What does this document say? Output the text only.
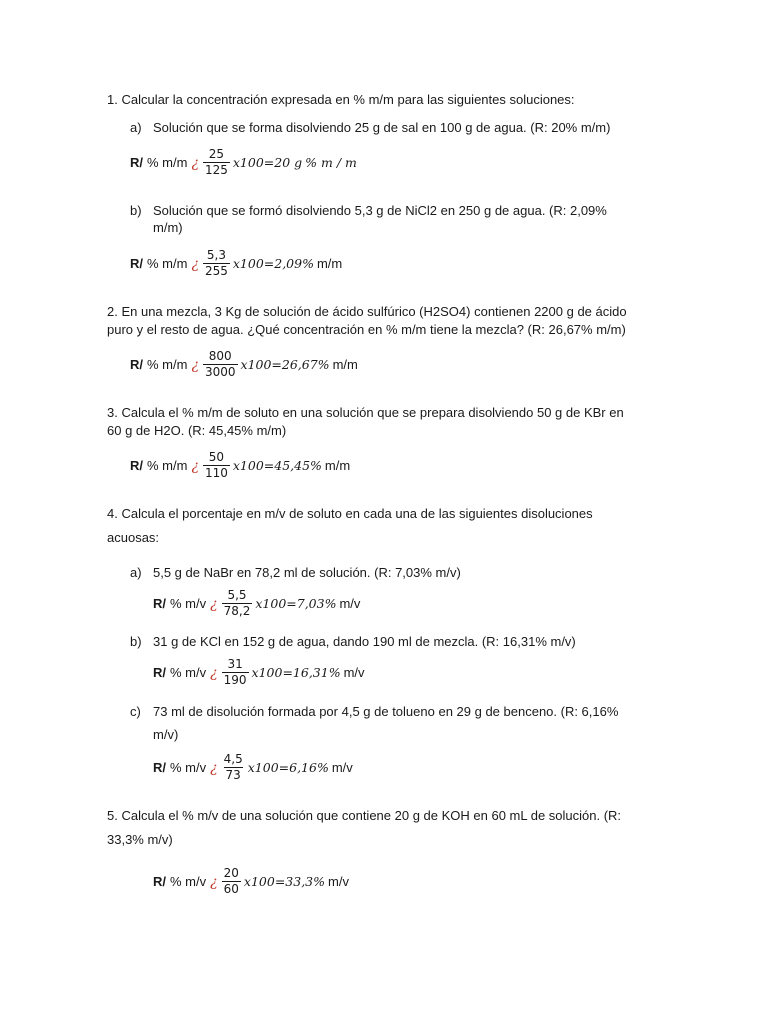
1. Calcular la concentración expresada en % m/m para las siguientes soluciones:
a) Solución que se forma disolviendo 25 g de sal en 100 g de agua. (R: 20% m/m)
R/ % m/m ¿ $\frac{25}{125} x100=20$ g % m / m
b) Solución que se formó disolviendo 5,3 g de NiCl2 en 250 g de agua. (R: 2,09%
m/m)
R/ % m/m ¿ $\frac{5,3}{255} x100=2,09\%$ m/m
2. En una mezcla, 3 Kg de solución de ácido sulfúrico (H2SO4) contienen 2200 g de ácido
puro y el resto de agua. ¿Qué concentración en % m/m tiene la mezcla? (R: 26,67% m/m)
R/ % m/m ¿ $\frac{800}{3000} x100=26,67\%$ m/m
3. Calcula el % m/m de soluto en una solución que se prepara disolviendo 50 g de KBr en
60 g de H2O. (R: 45,45% m/m)
R/ % m/m ¿ $\frac{50}{110} x100=45,45\%$ m/m
4. Calcula el porcentaje en m/v de soluto en cada una de las siguientes disoluciones
acuosas:
a) 5,5 g de NaBr en 78,2 ml de solución. (R: 7,03% m/v)
R/ % m/v ¿ $\frac{5,5}{78,2} x100=7,03\%$ m/v
b) 31 g de KCl en 152 g de agua, dando 190 ml de mezcla. (R: 16,31% m/v)
R/ % m/v ¿ $\frac{31}{190} x100=16,31\%$ m/v
c) 73 ml de disolución formada por 4,5 g de tolueno en 29 g de benceno. (R: 6,16%
m/v)
R/ % m/v ¿ $\frac{4,5}{73} x100=6,16\%$ m/v
5. Calcula el % m/v de una solución que contiene 20 g de KOH en 60 mL de solución. (R:
33,3% m/v)
R/ % m/v ¿ $\frac{20}{60} x100=33,3\%$ m/v
